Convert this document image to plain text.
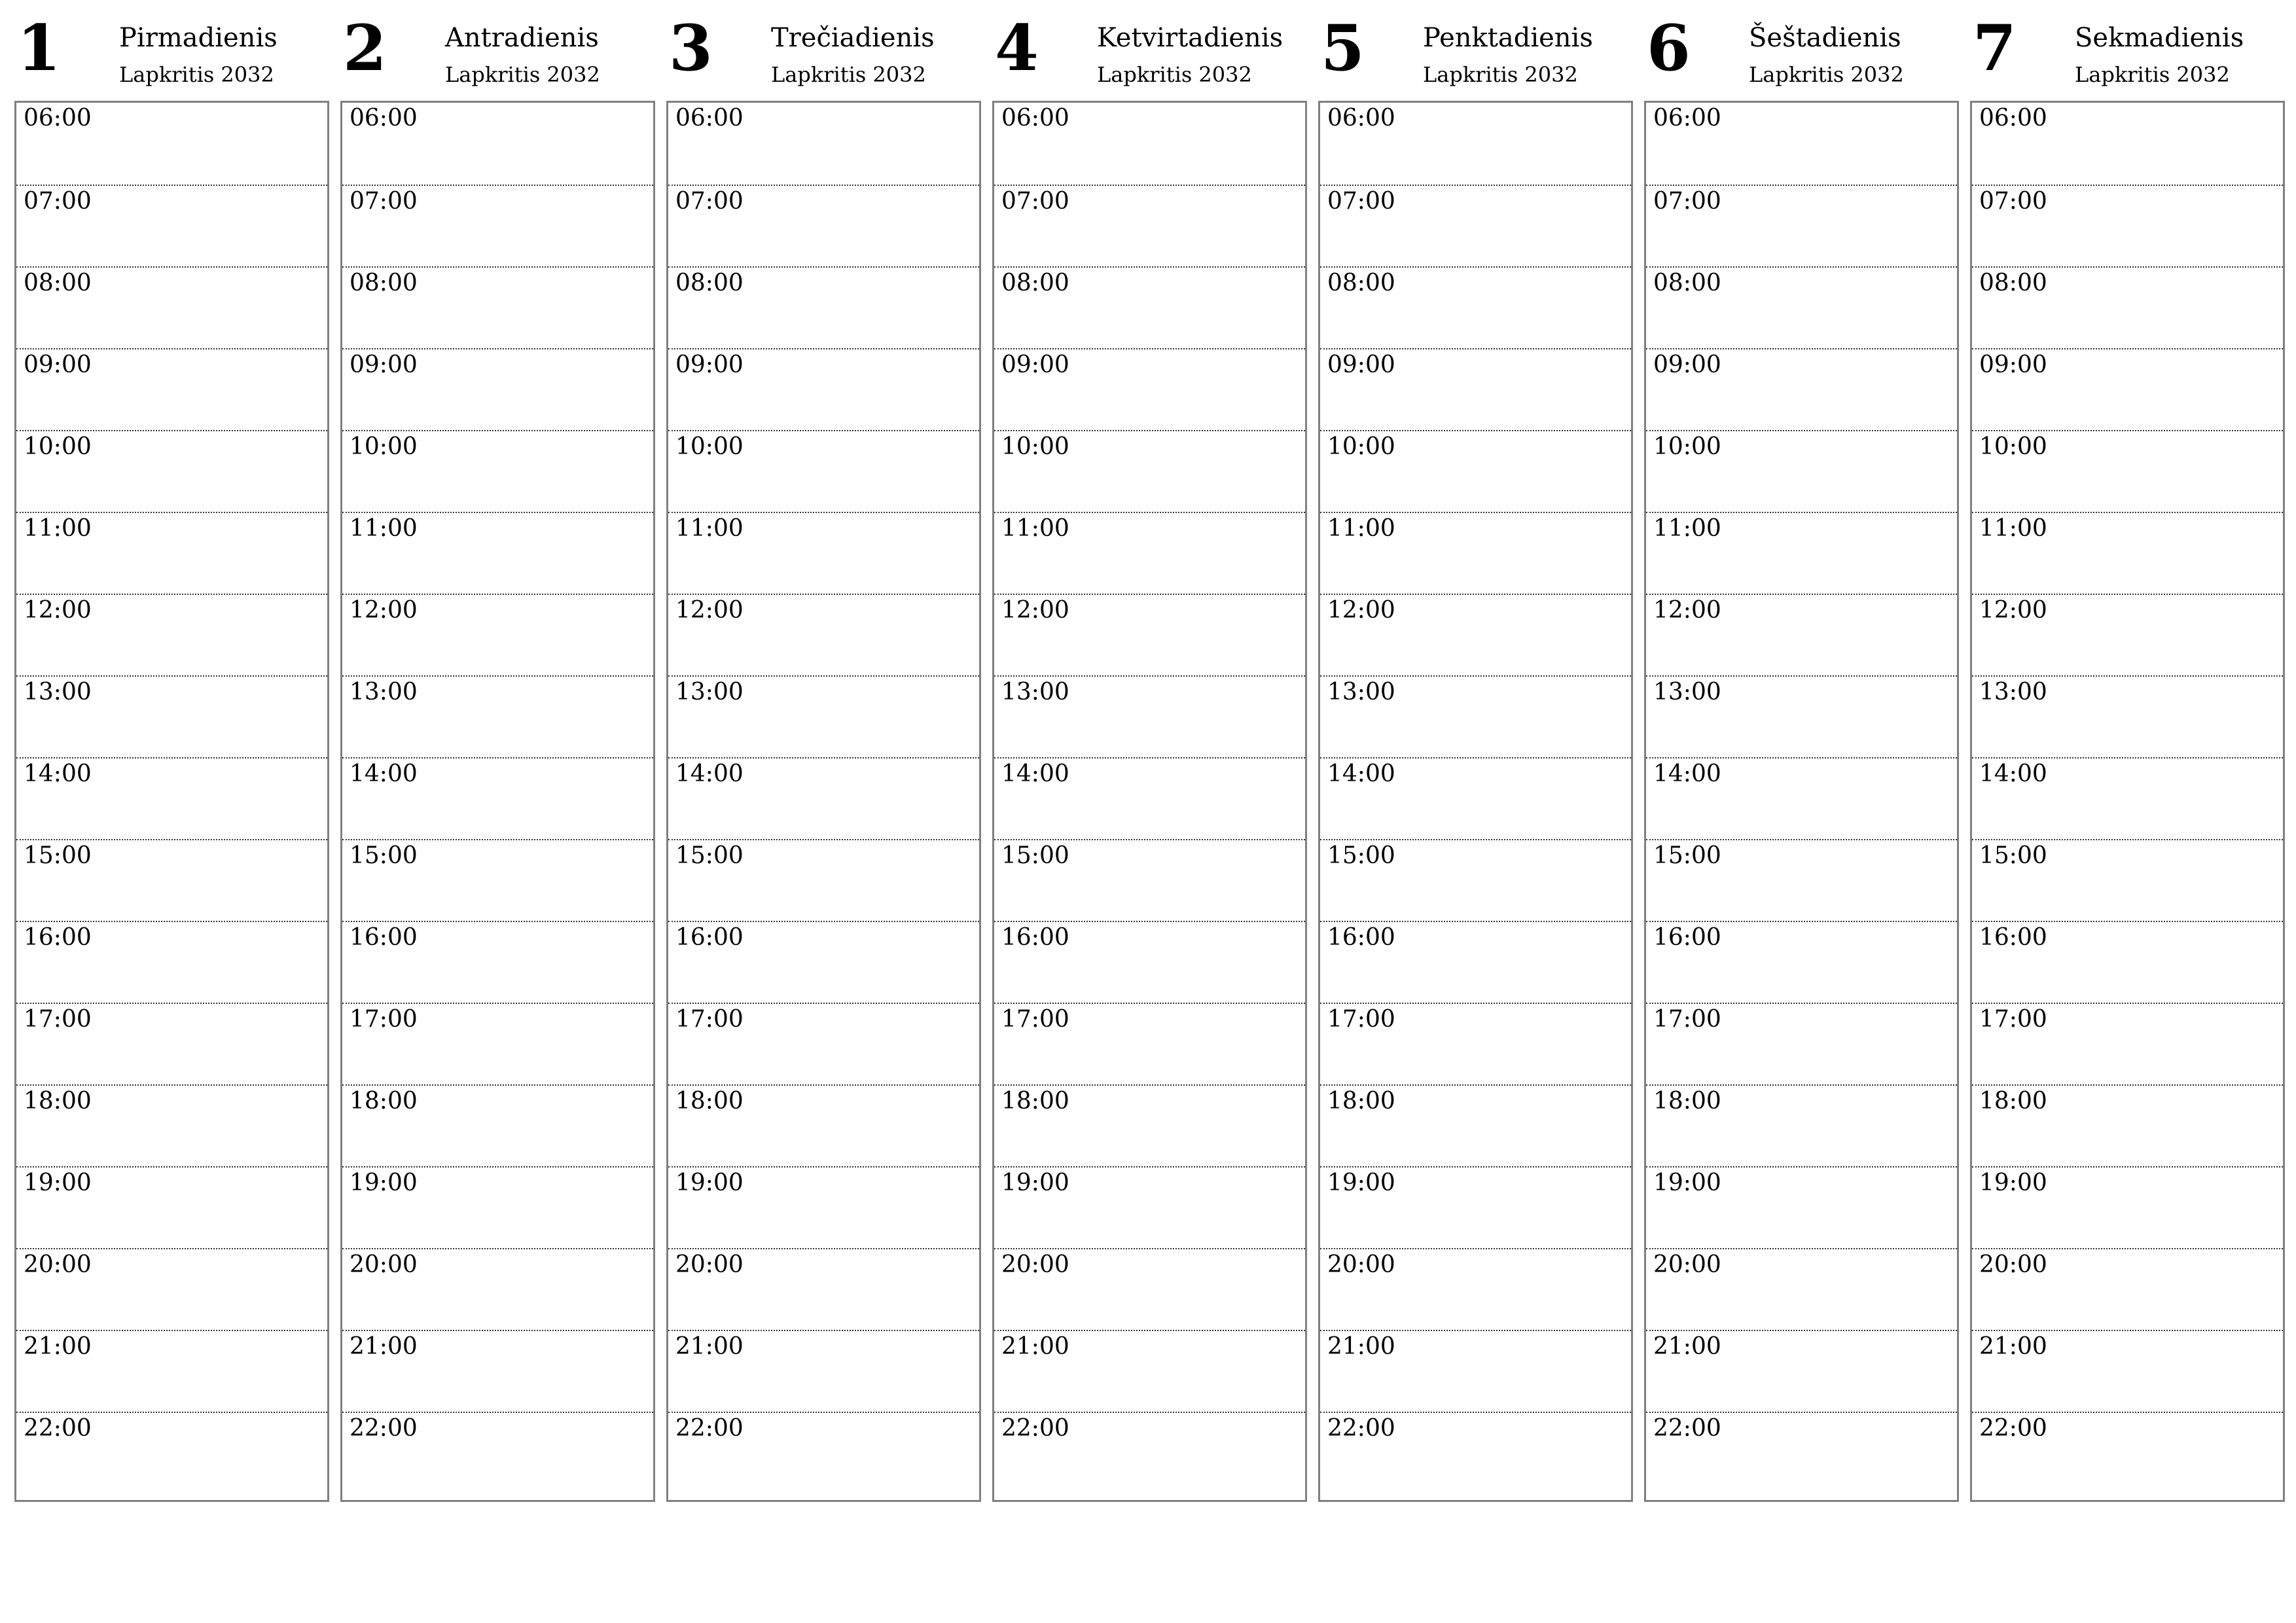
1 Pirmadienis
Lapkritis 2032
06:00
07:00
08:00
09:00
10:00
11:00
12:00
13:00
14:00
15:00
16:00
17:00
18:00
19:00
20:00
21:00
22:00
2 Antradienis
Lapkritis 2032
06:00
07:00
08:00
09:00
10:00
11:00
12:00
13:00
14:00
15:00
16:00
17:00
18:00
19:00
20:00
21:00
22:00
3 Trečiadienis
Lapkritis 2032
06:00
07:00
08:00
09:00
10:00
11:00
12:00
13:00
14:00
15:00
16:00
17:00
18:00
19:00
20:00
21:00
22:00
4 Ketvirtadienis
Lapkritis 2032
06:00
07:00
08:00
09:00
10:00
11:00
12:00
13:00
14:00
15:00
16:00
17:00
18:00
19:00
20:00
21:00
22:00
5 Penktadienis
Lapkritis 2032
06:00
07:00
08:00
09:00
10:00
11:00
12:00
13:00
14:00
15:00
16:00
17:00
18:00
19:00
20:00
21:00
22:00
6 Šeštadienis
Lapkritis 2032
06:00
07:00
08:00
09:00
10:00
11:00
12:00
13:00
14:00
15:00
16:00
17:00
18:00
19:00
20:00
21:00
22:00
7 Sekmadienis
Lapkritis 2032
06:00
07:00
08:00
09:00
10:00
11:00
12:00
13:00
14:00
15:00
16:00
17:00
18:00
19:00
20:00
21:00
22:00
